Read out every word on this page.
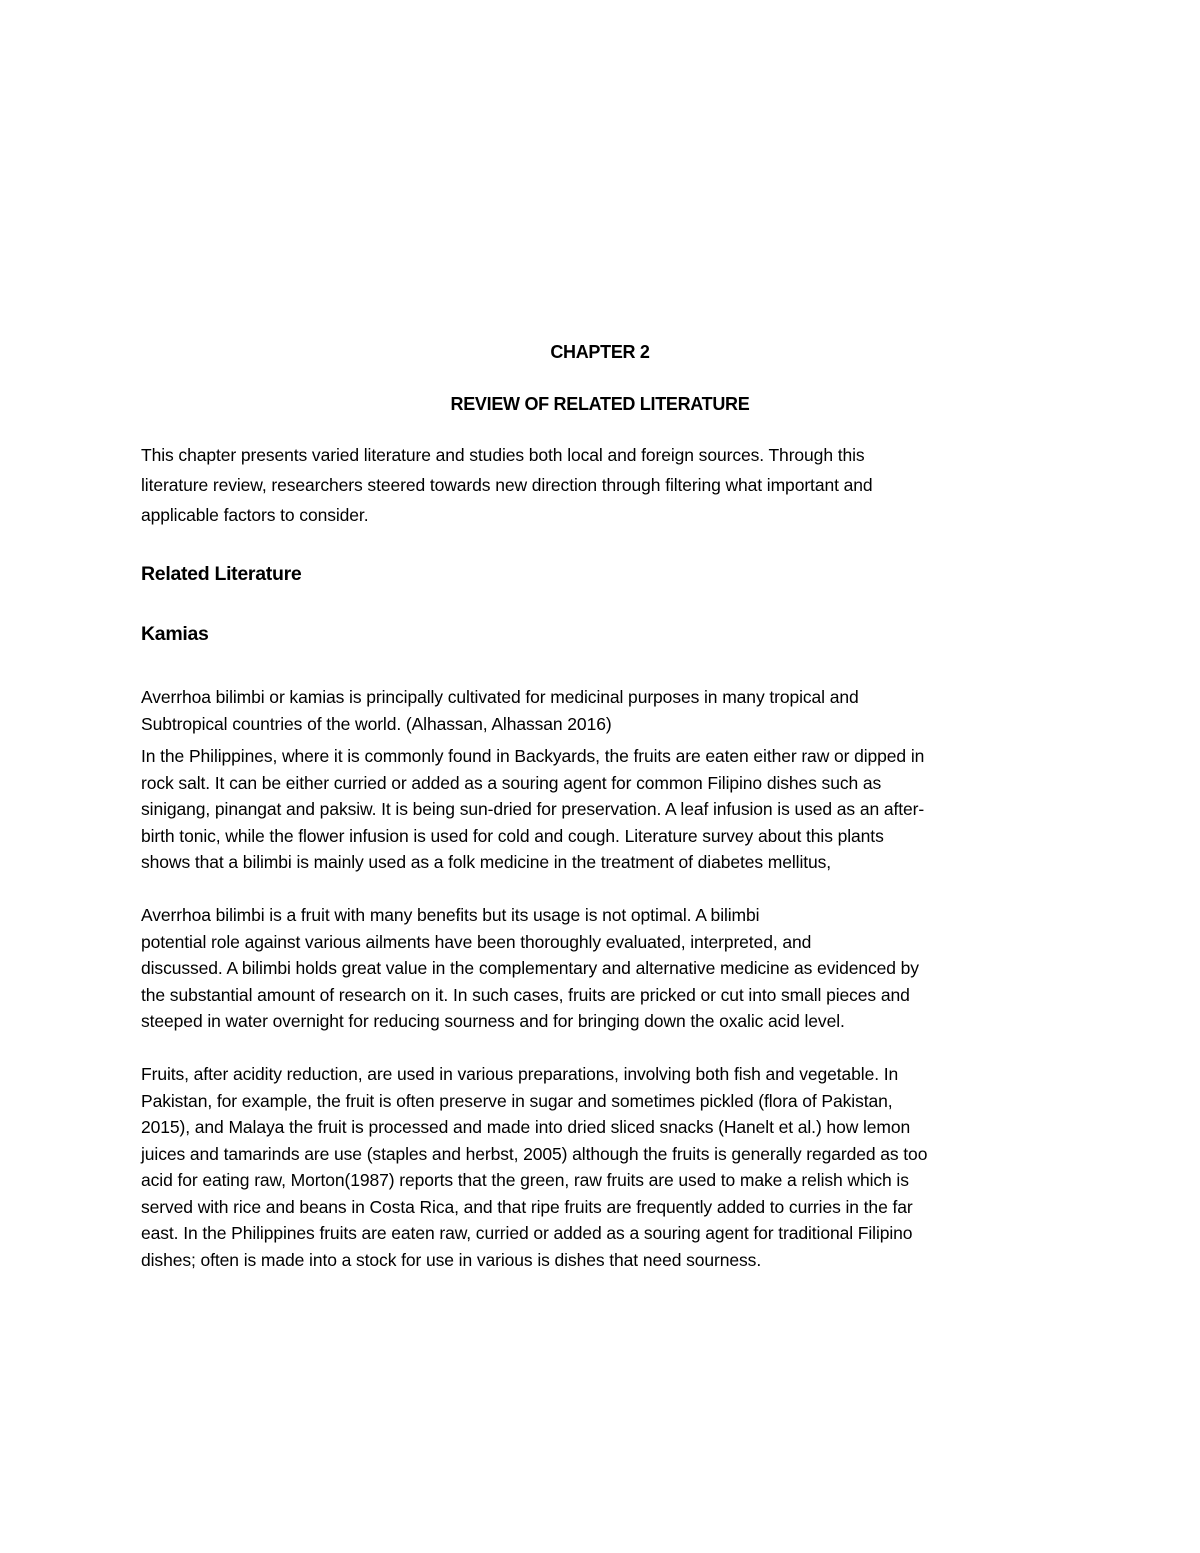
CHAPTER 2
REVIEW OF RELATED LITERATURE
This chapter presents varied literature and studies both local and foreign sources. Through this
literature review, researchers steered towards new direction through filtering what important and
applicable factors to consider.
Related Literature
Kamias
Averrhoa bilimbi or kamias is principally cultivated for medicinal purposes in many tropical and
Subtropical countries of the world. (Alhassan, Alhassan 2016)
In the Philippines, where it is commonly found in Backyards, the fruits are eaten either raw or dipped in
rock salt. It can be either curried or added as a souring agent for common Filipino dishes such as
sinigang, pinangat and paksiw. It is being sun-dried for preservation. A leaf infusion is used as an after-
birth tonic, while the flower infusion is used for cold and cough. Literature survey about this plants
shows that a bilimbi is mainly used as a folk medicine in the treatment of diabetes mellitus,
Averrhoa bilimbi is a fruit with many benefits but its usage is not optimal. A bilimbi
potential role against various ailments have been thoroughly evaluated, interpreted, and
discussed. A bilimbi holds great value in the complementary and alternative medicine as evidenced by
the substantial amount of research on it. In such cases, fruits are pricked or cut into small pieces and
steeped in water overnight for reducing sourness and for bringing down the oxalic acid level.
Fruits, after acidity reduction, are used in various preparations, involving both fish and vegetable. In
Pakistan, for example, the fruit is often preserve in sugar and sometimes pickled (flora of Pakistan,
2015), and Malaya the fruit is processed and made into dried sliced snacks (Hanelt et al.) how lemon
juices and tamarinds are use (staples and herbst, 2005) although the fruits is generally regarded as too
acid for eating raw, Morton(1987) reports that the green, raw fruits are used to make a relish which is
served with rice and beans in Costa Rica, and that ripe fruits are frequently added to curries in the far
east. In the Philippines fruits are eaten raw, curried or added as a souring agent for traditional Filipino
dishes; often is made into a stock for use in various is dishes that need sourness.
